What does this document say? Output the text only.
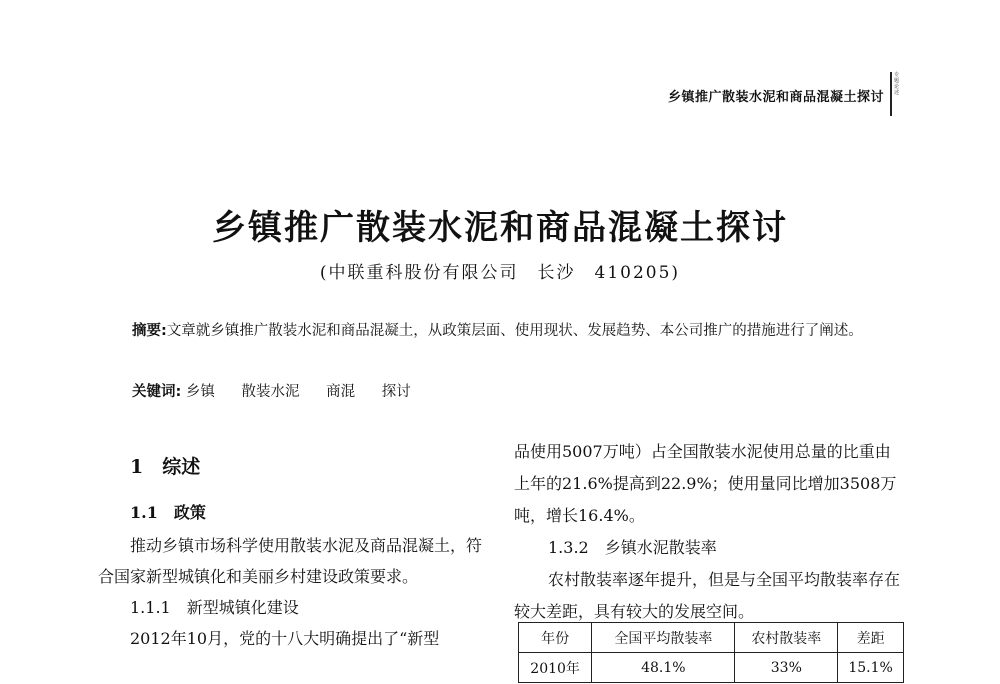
乡镇推广散装水泥和商品混凝土探讨
专题论述
乡镇推广散装水泥和商品混凝土探讨
(中联重科股份有限公司　长沙　410205)
摘要:文章就乡镇推广散装水泥和商品混凝土，从政策层面、使用现状、发展趋势、本公司推广的措施进行了阐述。
关键词: 乡镇 散装水泥 商混 探讨
1　综述
1.1　政策
推动乡镇市场科学使用散装水泥及商品混凝土，符合国家新型城镇化和美丽乡村建设政策要求。
1.1.1　新型城镇化建设
2012年10月，党的十八大明确提出了“新型
品使用5007万吨）占全国散装水泥使用总量的比重由上年的21.6%提高到22.9%；使用量同比增加3508万吨，增长16.4%。
1.3.2　乡镇水泥散装率
农村散装率逐年提升，但是与全国平均散装率存在较大差距，具有较大的发展空间。
年份	全国平均散装率	农村散装率	差距
2010年	48.1%	33%	15.1%
